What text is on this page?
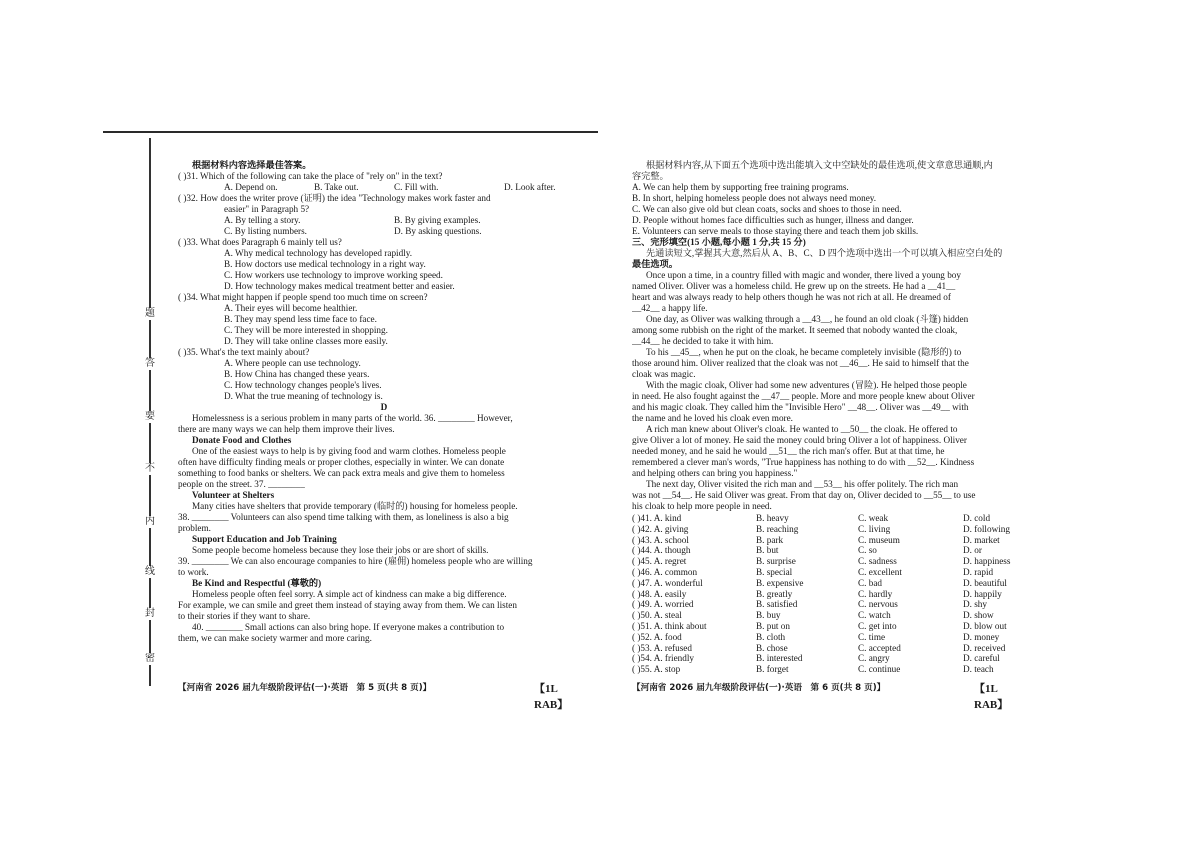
题
答
要
不
内
线
封
密
根据材料内容选择最佳答案。
( )31. Which of the following can take the place of "rely on" in the text?
A. Depend on.	B. Take out.	C. Fill with.	D. Look after.
( )32. How does the writer prove (证明) the idea "Technology makes work faster and
easier" in Paragraph 5?
A. By telling a story.	B. By giving examples.
C. By listing numbers.	D. By asking questions.
( )33. What does Paragraph 6 mainly tell us?
A. Why medical technology has developed rapidly.
B. How doctors use medical technology in a right way.
C. How workers use technology to improve working speed.
D. How technology makes medical treatment better and easier.
( )34. What might happen if people spend too much time on screen?
A. Their eyes will become healthier.
B. They may spend less time face to face.
C. They will be more interested in shopping.
D. They will take online classes more easily.
( )35. What's the text mainly about?
A. Where people can use technology.
B. How China has changed these years.
C. How technology changes people's lives.
D. What the true meaning of technology is.
D
Homelessness is a serious problem in many parts of the world. 36. ________ However,
there are many ways we can help them improve their lives.
Donate Food and Clothes
One of the easiest ways to help is by giving food and warm clothes. Homeless people
often have difficulty finding meals or proper clothes, especially in winter. We can donate
something to food banks or shelters. We can pack extra meals and give them to homeless
people on the street. 37. ________
Volunteer at Shelters
Many cities have shelters that provide temporary (临时的) housing for homeless people.
38. ________ Volunteers can also spend time talking with them, as loneliness is also a big
problem.
Support Education and Job Training
Some people become homeless because they lose their jobs or are short of skills.
39. ________ We can also encourage companies to hire (雇佣) homeless people who are willing
to work.
Be Kind and Respectful (尊敬的)
Homeless people often feel sorry. A simple act of kindness can make a big difference.
For example, we can smile and greet them instead of staying away from them. We can listen
to their stories if they want to share.
40. ________ Small actions can also bring hope. If everyone makes a contribution to
them, we can make society warmer and more caring.
【河南省 2026 届九年级阶段评估(一)·英语　第 5 页(共 8 页)】	【1L RAB】
根据材料内容,从下面五个选项中选出能填入文中空缺处的最佳选项,使文章意思通顺,内
容完整。
A. We can help them by supporting free training programs.
B. In short, helping homeless people does not always need money.
C. We can also give old but clean coats, socks and shoes to those in need.
D. People without homes face difficulties such as hunger, illness and danger.
E. Volunteers can serve meals to those staying there and teach them job skills.
三、完形填空(15 小题,每小题 1 分,共 15 分)
先通读短文,掌握其大意,然后从 A、B、C、D 四个选项中选出一个可以填入相应空白处的
最佳选项。
Once upon a time, in a country filled with magic and wonder, there lived a young boy
named Oliver. Oliver was a homeless child. He grew up on the streets. He had a __41__
heart and was always ready to help others though he was not rich at all. He dreamed of
__42__ a happy life.
One day, as Oliver was walking through a __43__, he found an old cloak (斗篷) hidden
among some rubbish on the right of the market. It seemed that nobody wanted the cloak,
__44__ he decided to take it with him.
To his __45__, when he put on the cloak, he became completely invisible (隐形的) to
those around him. Oliver realized that the cloak was not __46__. He said to himself that the
cloak was magic.
With the magic cloak, Oliver had some new adventures (冒险). He helped those people
in need. He also fought against the __47__ people. More and more people knew about Oliver
and his magic cloak. They called him the "Invisible Hero" __48__. Oliver was __49__ with
the name and he loved his cloak even more.
A rich man knew about Oliver's cloak. He wanted to __50__ the cloak. He offered to
give Oliver a lot of money. He said the money could bring Oliver a lot of happiness. Oliver
needed money, and he said he would __51__ the rich man's offer. But at that time, he
remembered a clever man's words, "True happiness has nothing to do with __52__. Kindness
and helping others can bring you happiness."
The next day, Oliver visited the rich man and __53__ his offer politely. The rich man
was not __54__. He said Oliver was great. From that day on, Oliver decided to __55__ to use
his cloak to help more people in need.
( )41. A. kind	B. heavy	C. weak	D. cold
( )42. A. giving	B. reaching	C. living	D. following
( )43. A. school	B. park	C. museum	D. market
( )44. A. though	B. but	C. so	D. or
( )45. A. regret	B. surprise	C. sadness	D. happiness
( )46. A. common	B. special	C. excellent	D. rapid
( )47. A. wonderful	B. expensive	C. bad	D. beautiful
( )48. A. easily	B. greatly	C. hardly	D. happily
( )49. A. worried	B. satisfied	C. nervous	D. shy
( )50. A. steal	B. buy	C. watch	D. show
( )51. A. think about	B. put on	C. get into	D. blow out
( )52. A. food	B. cloth	C. time	D. money
( )53. A. refused	B. chose	C. accepted	D. received
( )54. A. friendly	B. interested	C. angry	D. careful
( )55. A. stop	B. forget	C. continue	D. teach
【河南省 2026 届九年级阶段评估(一)·英语　第 6 页(共 8 页)】	【1L RAB】
